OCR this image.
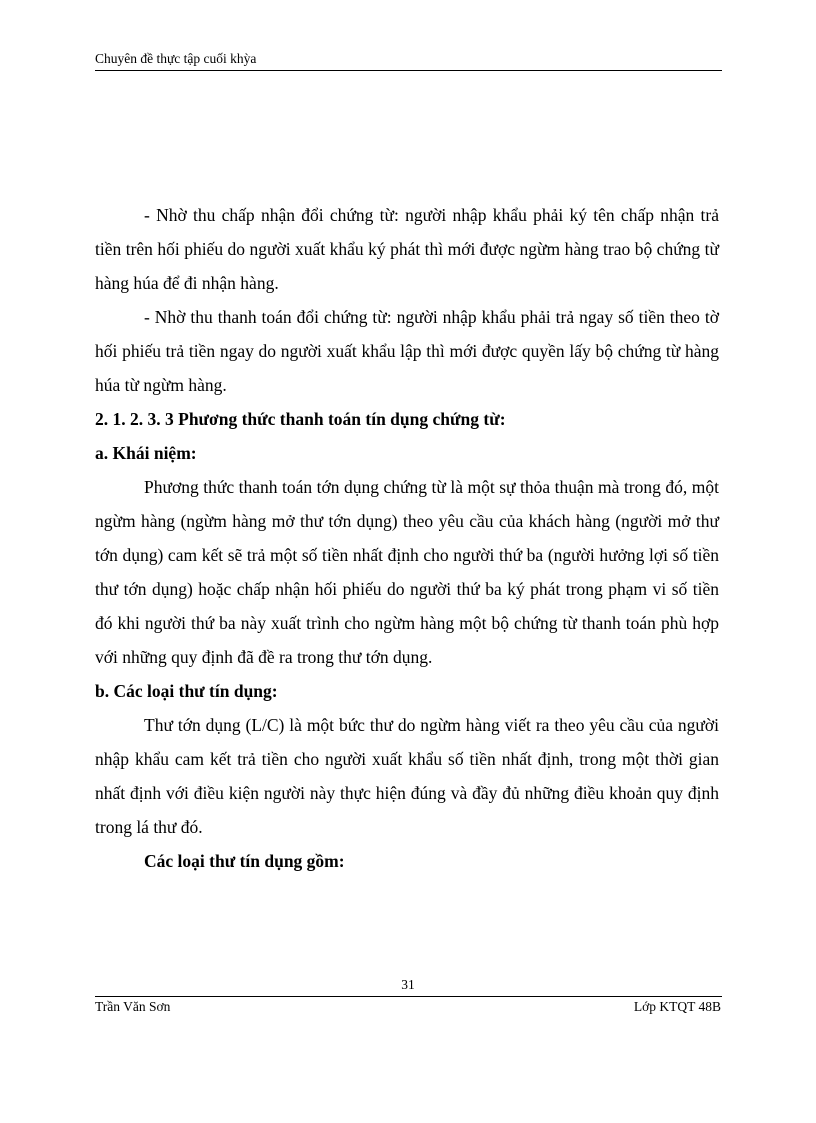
Chuyên đề thực tập cuối khỳa

- Nhờ thu chấp nhận đổi chứng từ: người nhập khẩu phải ký tên chấp nhận trả tiền trên hối phiếu do người xuất khẩu ký phát thì mới được ngừm hàng trao bộ chứng từ hàng húa để đi nhận hàng.

- Nhờ thu thanh toán đổi chứng từ: người nhập khẩu phải trả ngay số tiền theo tờ hối phiếu trả tiền ngay do người xuất khẩu lập thì mới được quyền lấy bộ chứng từ hàng húa từ ngừm hàng.

2. 1. 2. 3. 3 Phương thức thanh toán tín dụng chứng từ:

a. Khái niệm:

Phương thức thanh toán tớn dụng chứng từ là một sự thỏa thuận mà trong đó, một ngừm hàng (ngừm hàng mở thư tớn dụng) theo yêu cầu của khách hàng (người mở thư tớn dụng) cam kết sẽ trả một số tiền nhất định cho người thứ ba (người hưởng lợi số tiền thư tớn dụng) hoặc chấp nhận hối phiếu do người thứ ba ký phát trong phạm vi số tiền đó khi người thứ ba này xuất trình cho ngừm hàng một bộ chứng từ thanh toán phù hợp với những quy định đã đề ra trong thư tớn dụng.

b. Các loại thư tín dụng:

Thư tớn dụng (L/C) là một bức thư do ngừm hàng viết ra theo yêu cầu của người nhập khẩu cam kết trả tiền cho người xuất khẩu số tiền nhất định, trong một thời gian nhất định với điều kiện người này thực hiện đúng và đầy đủ những điều khoản quy định trong lá thư đó.

Các loại thư tín dụng gồm:

31
Trần Văn Sơn	Lớp KTQT 48B
